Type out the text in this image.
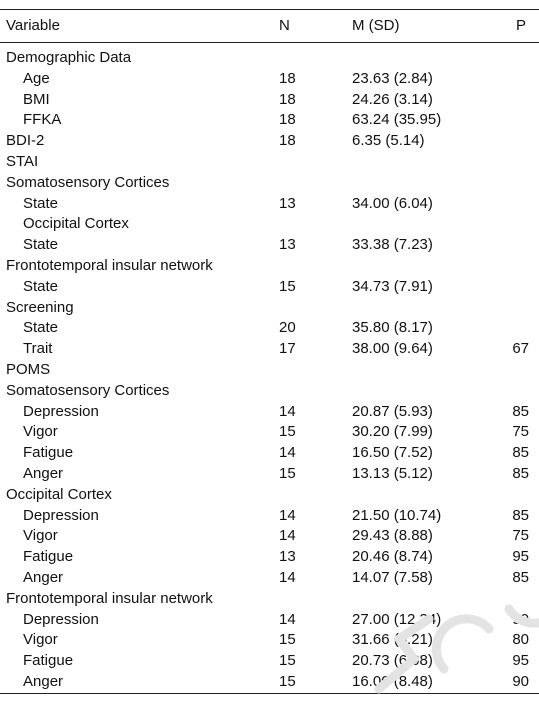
Variable	N	M (SD)	P
Demographic Data
Age	18	23.63 (2.84)
BMI	18	24.26 (3.14)
FFKA	18	63.24 (35.95)
BDI-2	18	6.35 (5.14)
STAI
Somatosensory Cortices
State	13	34.00 (6.04)
Occipital Cortex
State	13	33.38 (7.23)
Frontotemporal insular network
State	15	34.73 (7.91)
Screening
State	20	35.80 (8.17)
Trait	17	38.00 (9.64)	67
POMS
Somatosensory Cortices
Depression	14	20.87 (5.93)	85
Vigor	15	30.20 (7.99)	75
Fatigue	14	16.50 (7.52)	85
Anger	15	13.13 (5.12)	85
Occipital Cortex
Depression	14	21.50 (10.74)	85
Vigor	14	29.43 (8.88)	75
Fatigue	13	20.46 (8.74)	95
Anger	14	14.07 (7.58)	85
Frontotemporal insular network
Depression	14	27.00 (12.34)	90
Vigor	15	31.66 (6.21)	80
Fatigue	15	20.73 (6.08)	95
Anger	15	16.00 (8.48)	90
